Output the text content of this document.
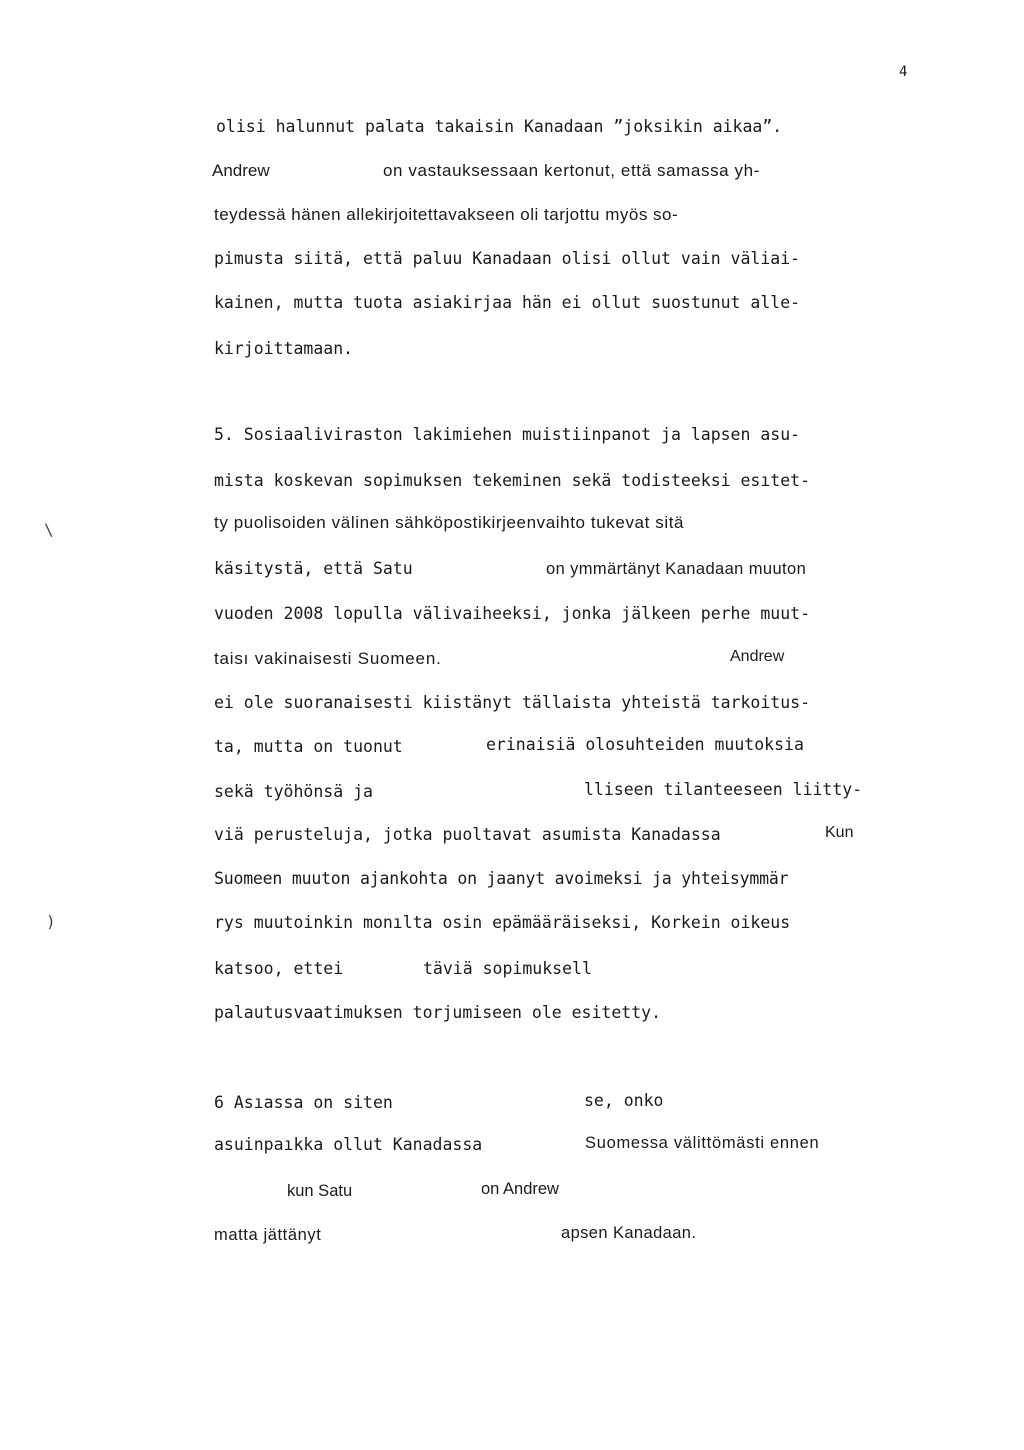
4
olisi halunnut palata takaisin Kanadaan ”joksikin aikaa”.
Andrew	on vastauksessaan kertonut, että samassa yh-
teydessä hänen allekirjoitettavakseen oli tarjottu myös so-
pimusta siitä, että paluu Kanadaan olisi ollut vain väliai-
kainen, mutta tuota asiakirjaa hän ei ollut suostunut alle-
kirjoittamaan.
5. Sosiaaliviraston lakimiehen muistiinpanot ja lapsen asu-
mista koskevan sopimuksen tekeminen sekä todisteeksi esıtet-
ty puolisoiden välinen sähköpostikirjeenvaihto tukevat sitä
käsitystä, että Satu	on ymmärtänyt Kanadaan muuton
vuoden 2008 lopulla välivaiheeksi, jonka jälkeen perhe muut-
taisı vakinaisesti Suomeen.	Andrew
ei ole suoranaisesti kiistänyt tällaista yhteistä tarkoitus-
ta, mutta on tuonut	erinaisiä olosuhteiden muutoksia
sekä työhönsä ja	lliseen tilanteeseen liitty-
viä perusteluja, jotka puoltavat asumista Kanadassa	Kun
Suomeen muuton ajankohta on jaanyt avoimeksi ja yhteisymmär
rys muutoinkin monılta osin epämääräiseksi, Korkein oikeus
katsoo, ettei	täviä sopimuksell
palautusvaatimuksen torjumiseen ole esitetty.
6 Asıassa on siten	se, onko
asuinpaıkka ollut Kanadassa	Suomessa välittömästi ennen
kun Satu	on Andrew
matta jättänyt	apsen Kanadaan.
\
)
